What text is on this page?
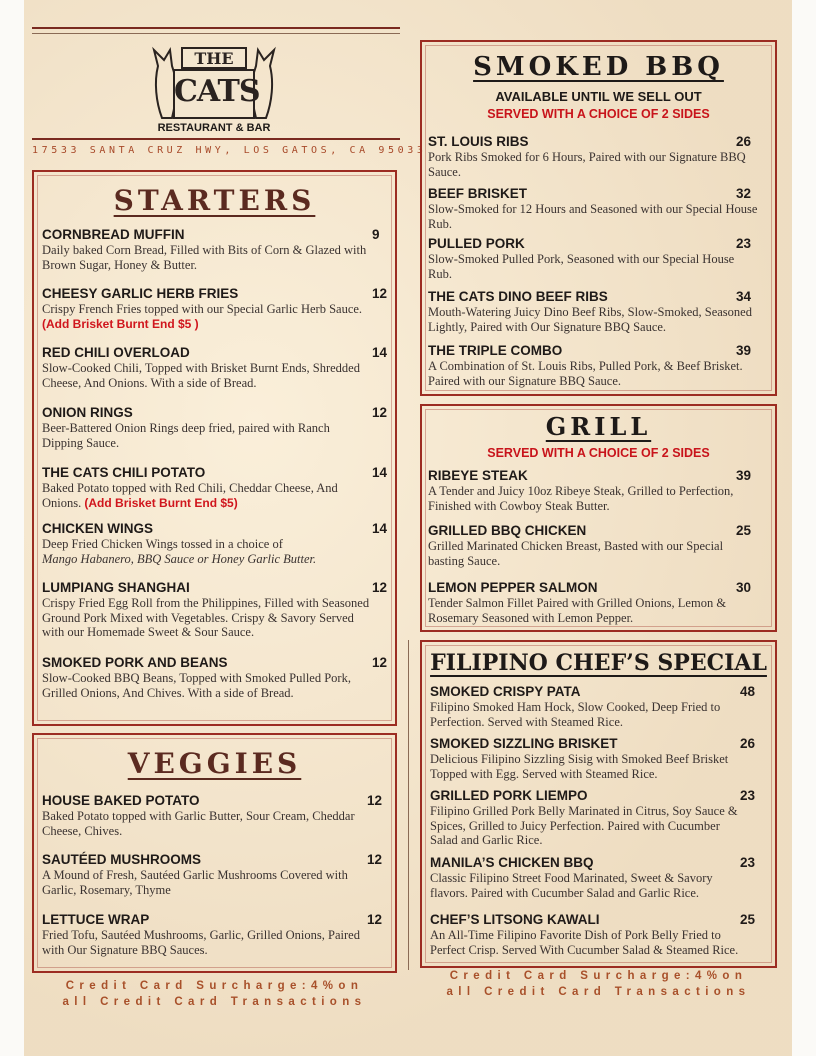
THE
CATS
RESTAURANT & BAR
17533 SANTA CRUZ HWY, LOS GATOS, CA 95033
STARTERS
CORNBREAD MUFFIN	9
Daily baked Corn Bread, Filled with Bits of Corn & Glazed with Brown Sugar, Honey & Butter.
CHEESY GARLIC HERB FRIES	12
Crispy French Fries topped with our Special Garlic Herb Sauce. (Add Brisket Burnt End $5 )
RED CHILI OVERLOAD	14
Slow-Cooked Chili, Topped with Brisket Burnt Ends, Shredded Cheese, And Onions. With a side of Bread.
ONION RINGS	12
Beer-Battered Onion Rings deep fried, paired with Ranch Dipping Sauce.
THE CATS CHILI POTATO	14
Baked Potato topped with Red Chili, Cheddar Cheese, And Onions. (Add Brisket Burnt End $5)
CHICKEN WINGS	14
Deep Fried Chicken Wings tossed in a choice of
Mango Habanero, BBQ Sauce or Honey Garlic Butter.
LUMPIANG SHANGHAI	12
Crispy Fried Egg Roll from the Philippines, Filled with Seasoned Ground Pork Mixed with Vegetables. Crispy & Savory Served with our Homemade Sweet & Sour Sauce.
SMOKED PORK AND BEANS	12
Slow-Cooked BBQ Beans, Topped with Smoked Pulled Pork, Grilled Onions, And Chives. With a side of Bread.
VEGGIES
HOUSE BAKED POTATO	12
Baked Potato topped with Garlic Butter, Sour Cream, Cheddar Cheese, Chives.
SAUTÉED MUSHROOMS	12
A Mound of Fresh, Sautéed Garlic Mushrooms Covered with Garlic, Rosemary, Thyme
LETTUCE WRAP	12
Fried Tofu, Sautéed Mushrooms, Garlic, Grilled Onions, Paired with Our Signature BBQ Sauces.
Credit Card Surcharge:4%on
all Credit Card Transactions
SMOKED BBQ
AVAILABLE UNTIL WE SELL OUT
SERVED WITH A CHOICE OF 2 SIDES
ST. LOUIS RIBS	26
Pork Ribs Smoked for 6 Hours, Paired with our Signature BBQ Sauce.
BEEF BRISKET	32
Slow-Smoked for 12 Hours and Seasoned with our Special House Rub.
PULLED PORK	23
Slow-Smoked Pulled Pork, Seasoned with our Special House Rub.
THE CATS DINO BEEF RIBS	34
Mouth-Watering Juicy Dino Beef Ribs, Slow-Smoked, Seasoned Lightly, Paired with Our Signature BBQ Sauce.
THE TRIPLE COMBO	39
A Combination of St. Louis Ribs, Pulled Pork, & Beef Brisket. Paired with our Signature BBQ Sauce.
GRILL
SERVED WITH A CHOICE OF 2 SIDES
RIBEYE STEAK	39
A Tender and Juicy 10oz Ribeye Steak, Grilled to Perfection, Finished with Cowboy Steak Butter.
GRILLED BBQ CHICKEN	25
Grilled Marinated Chicken Breast, Basted with our Special basting Sauce.
LEMON PEPPER SALMON	30
Tender Salmon Fillet Paired with Grilled Onions, Lemon & Rosemary Seasoned with Lemon Pepper.
FILIPINO CHEF’S SPECIAL
SMOKED CRISPY PATA	48
Filipino Smoked Ham Hock, Slow Cooked, Deep Fried to Perfection. Served with Steamed Rice.
SMOKED SIZZLING BRISKET	26
Delicious Filipino Sizzling Sisig with Smoked Beef Brisket Topped with Egg. Served with Steamed Rice.
GRILLED PORK LIEMPO	23
Filipino Grilled Pork Belly Marinated in Citrus, Soy Sauce & Spices, Grilled to Juicy Perfection. Paired with Cucumber Salad and Garlic Rice.
MANILA’S CHICKEN BBQ	23
Classic Filipino Street Food Marinated, Sweet & Savory flavors. Paired with Cucumber Salad and Garlic Rice.
CHEF’S LITSONG KAWALI	25
An All-Time Filipino Favorite Dish of Pork Belly Fried to Perfect Crisp. Served With Cucumber Salad & Steamed Rice.
Credit Card Surcharge:4%on
all Credit Card Transactions
